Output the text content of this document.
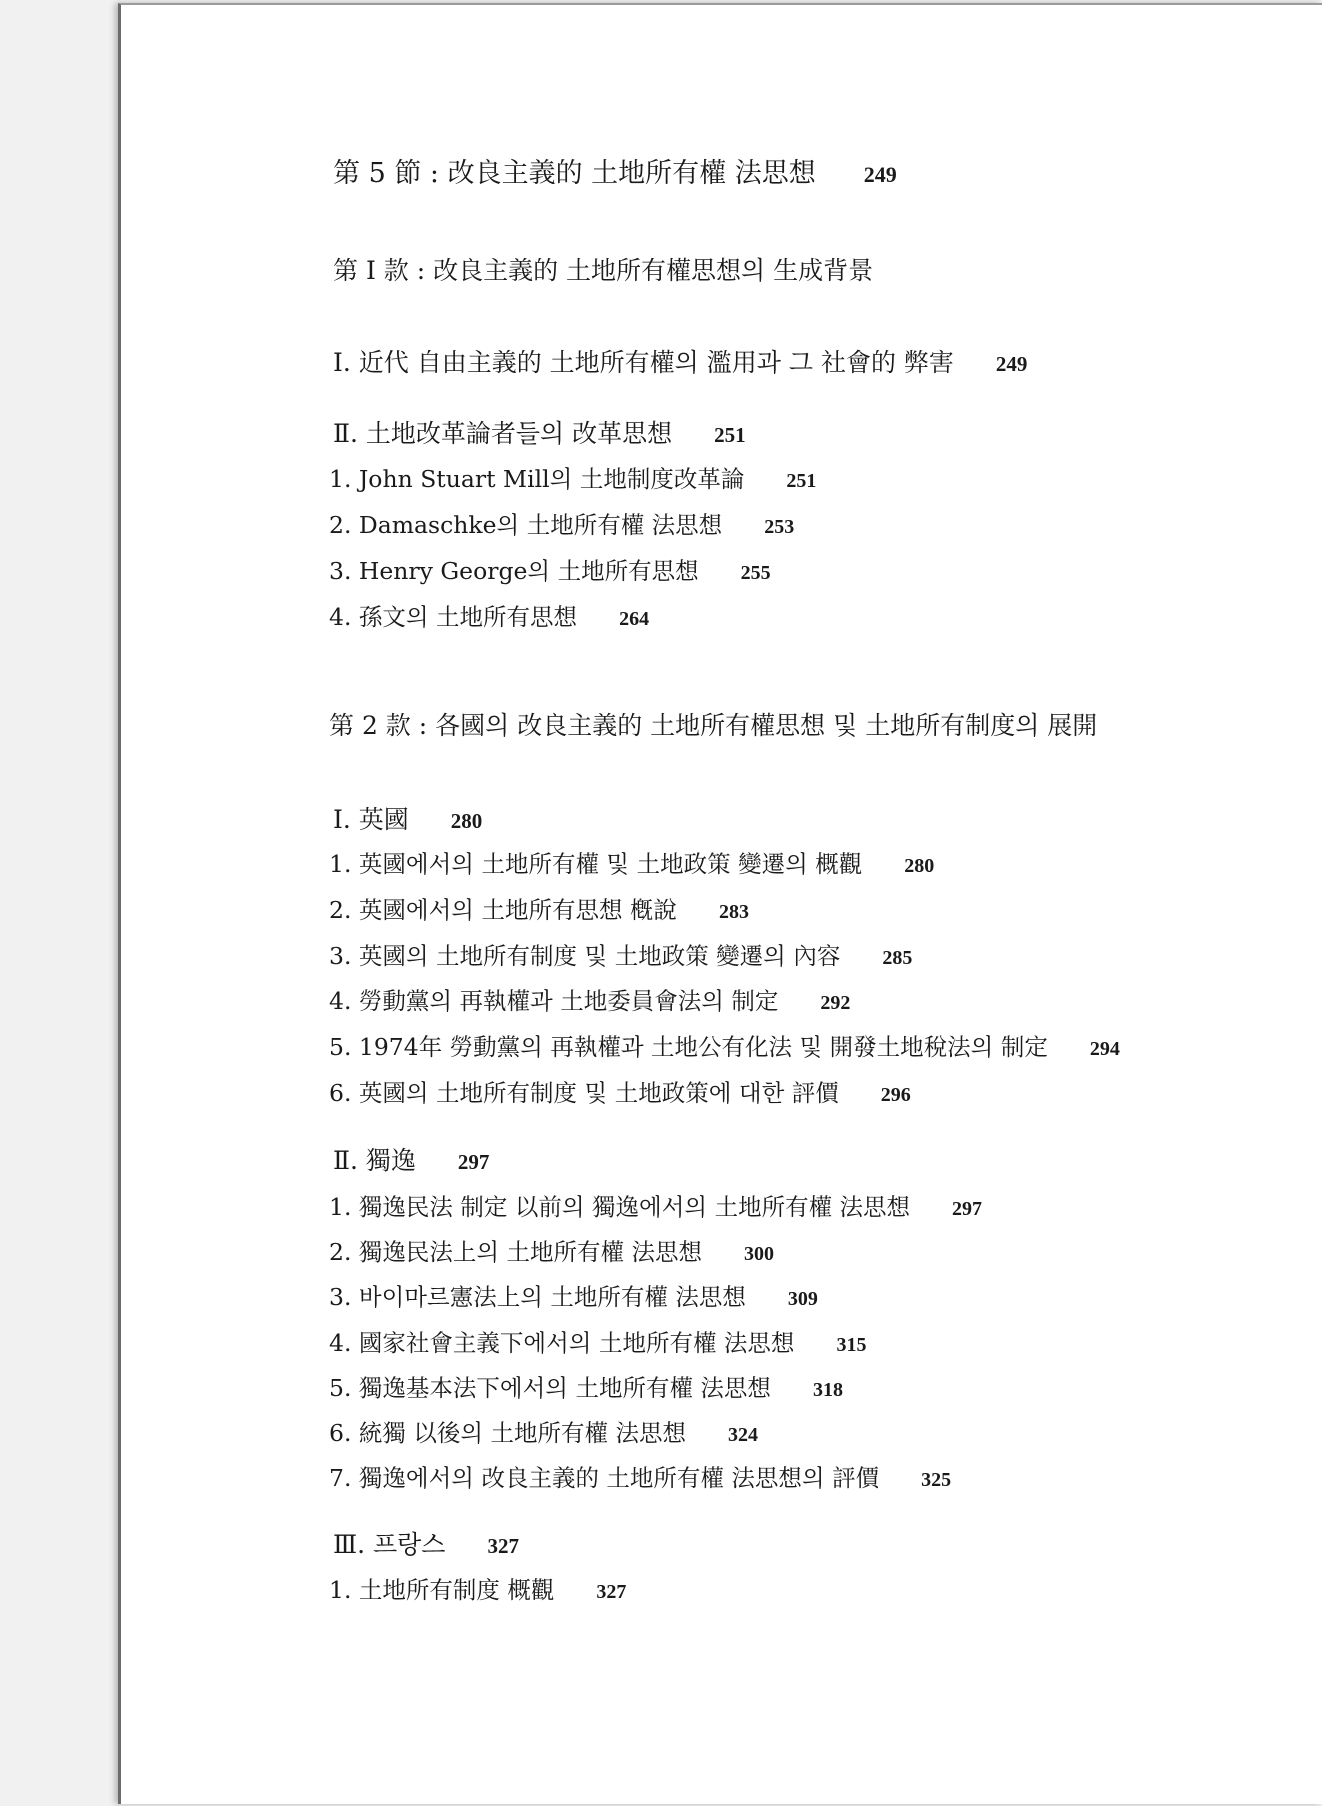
第 5 節 : 改良主義的 土地所有權 法思想 249
第 I 款 : 改良主義的 土地所有權思想의 生成背景
Ⅰ. 近代 自由主義的 土地所有權의 濫用과 그 社會的 弊害 249
Ⅱ. 土地改革論者들의 改革思想 251
1. John Stuart Mill의 土地制度改革論 251
2. Damaschke의 土地所有權 法思想 253
3. Henry George의 土地所有思想 255
4. 孫文의 土地所有思想 264
第 2 款 : 各國의 改良主義的 土地所有權思想 및 土地所有制度의 展開
Ⅰ. 英國 280
1. 英國에서의 土地所有權 및 土地政策 變遷의 概觀 280
2. 英國에서의 土地所有思想 槪說 283
3. 英國의 土地所有制度 및 土地政策 變遷의 內容 285
4. 勞動黨의 再執權과 土地委員會法의 制定 292
5. 1974年 勞動黨의 再執權과 土地公有化法 및 開發土地稅法의 制定 294
6. 英國의 土地所有制度 및 土地政策에 대한 評價 296
Ⅱ. 獨逸 297
1. 獨逸民法 制定 以前의 獨逸에서의 土地所有權 法思想 297
2. 獨逸民法上의 土地所有權 法思想 300
3. 바이마르憲法上의 土地所有權 法思想 309
4. 國家社會主義下에서의 土地所有權 法思想 315
5. 獨逸基本法下에서의 土地所有權 法思想 318
6. 統獨 以後의 土地所有權 法思想 324
7. 獨逸에서의 改良主義的 土地所有權 法思想의 評價 325
Ⅲ. 프랑스 327
1. 土地所有制度 概觀 327
